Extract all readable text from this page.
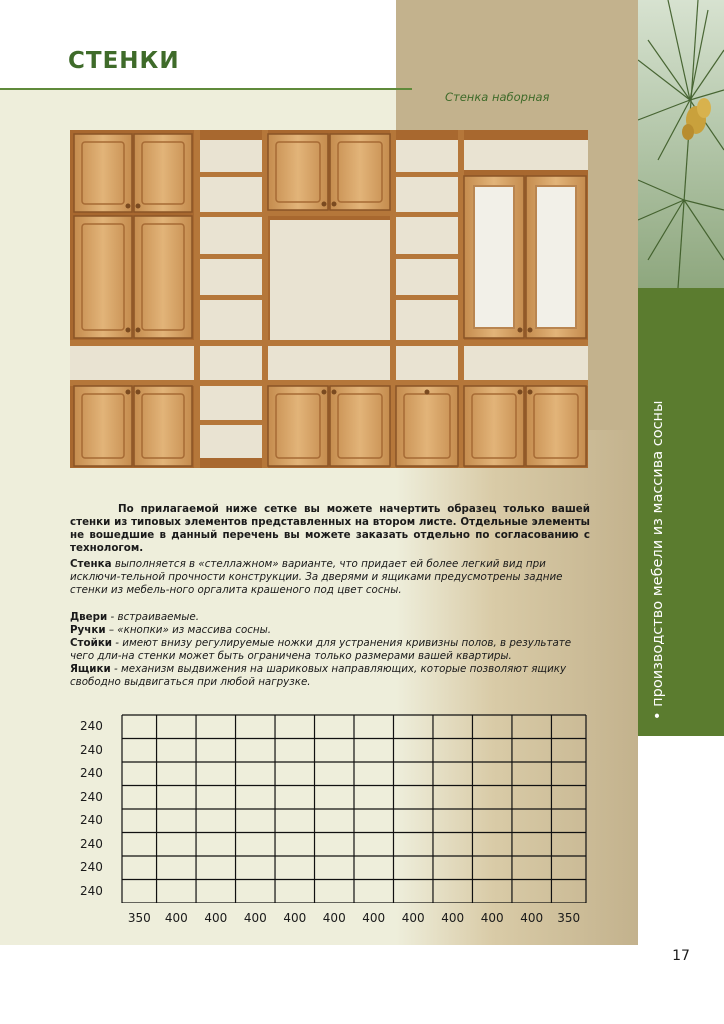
СТЕНКИ
Стенка наборная
• производство мебели из массива сосны
17

По прилагаемой ниже сетке вы можете начертить образец только вашей стенки из типовых элементов представленных на втором листе. Отдельные элементы не вошедшие в данный перечень вы можете заказать отдельно по согласованию с технологом.

Стенка выполняется в «стеллажном» варианте, что придает ей более легкий вид при исключи-тельной прочности конструкции. За дверями и ящиками предусмотрены задние стенки из мебель-ного оргалита крашеного под цвет сосны.

Двери - встраиваемые.
Ручки – «кнопки» из массива сосны.
Стойки - имеют внизу регулируемые ножки для устранения кривизны полов, в результате чего дли-на стенки может быть ограничена только размерами вашей квартиры.
Ящики - механизм выдвижения на шариковых направляющих, которые позволяют ящику свободно выдвигаться при любой нагрузке.

240
240
240
240
240
240
240
240
350	400	400	400	400	400	400	400	400	400	400	350
